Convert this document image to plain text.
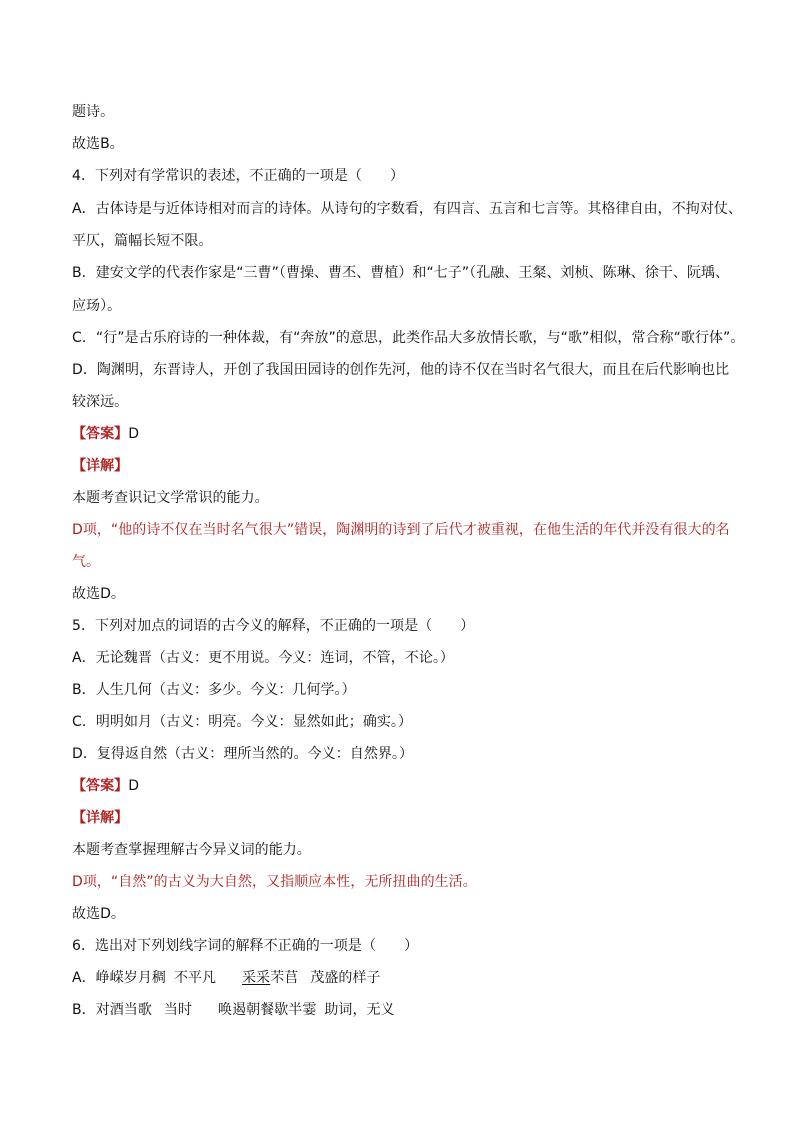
题诗。
故选B。
4．下列对有学常识的表述，不正确的一项是（　　）
A．古体诗是与近体诗相对而言的诗体。从诗句的字数看，有四言、五言和七言等。其格律自由，不拘对仗、
平仄，篇幅长短不限。
B．建安文学的代表作家是“三曹”（曹操、曹丕、曹植）和“七子”（孔融、王粲、刘桢、陈琳、徐干、阮瑀、
应玚）。
C．“行”是古乐府诗的一种体裁，有“奔放”的意思，此类作品大多放情长歌，与“歌”相似，常合称“歌行体”。
D．陶渊明，东晋诗人，开创了我国田园诗的创作先河，他的诗不仅在当时名气很大，而且在后代影响也比
较深远。
【答案】D
【详解】
本题考查识记文学常识的能力。
D项，“他的诗不仅在当时名气很大”错误，陶渊明的诗到了后代才被重视，在他生活的年代并没有很大的名
气。
故选D。
5．下列对加点的词语的古今义的解释，不正确的一项是（　　）
A．无论魏晋（古义：更不用说。今义：连词，不管，不论。）
B．人生几何（古义：多少。今义：几何学。）
C．明明如月（古义：明亮。今义：显然如此；确实。）
D．复得返自然（古义：理所当然的。今义：自然界。）
【答案】D
【详解】
本题考查掌握理解古今异义词的能力。
D项，“自然”的古义为大自然，又指顺应本性，无所扭曲的生活。
故选D。
6．选出对下列划线字词的解释不正确的一项是（　　）
A．峥嵘岁月稠 不平凡 采采芣苢 茂盛的样子
B．对酒当歌 当时 唤遏朝餐歇半霎 助词，无义
